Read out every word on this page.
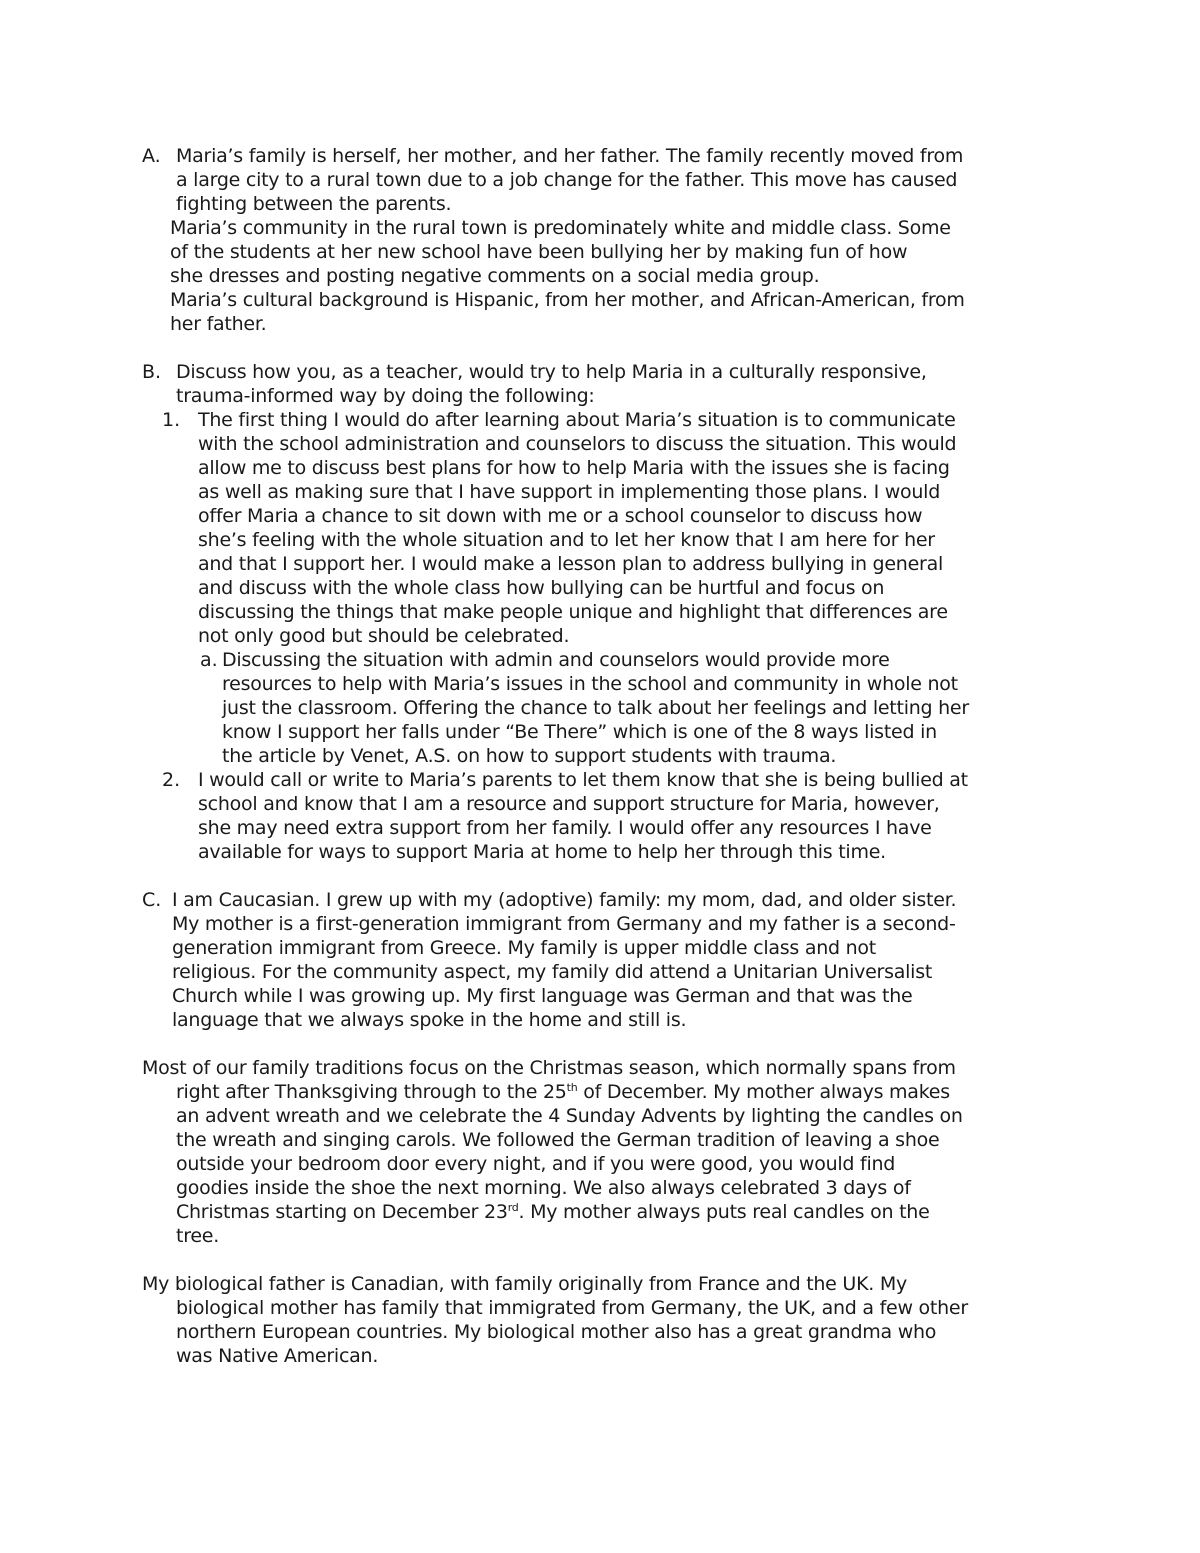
A. Maria’s family is herself, her mother, and her father. The family recently moved from
a large city to a rural town due to a job change for the father. This move has caused
fighting between the parents.

Maria’s community in the rural town is predominately white and middle class. Some
of the students at her new school have been bullying her by making fun of how
she dresses and posting negative comments on a social media group.

Maria’s cultural background is Hispanic, from her mother, and African-American, from
her father.

B. Discuss how you, as a teacher, would try to help Maria in a culturally responsive,
trauma-informed way by doing the following:

1. The first thing I would do after learning about Maria’s situation is to communicate
with the school administration and counselors to discuss the situation. This would
allow me to discuss best plans for how to help Maria with the issues she is facing
as well as making sure that I have support in implementing those plans. I would
offer Maria a chance to sit down with me or a school counselor to discuss how
she’s feeling with the whole situation and to let her know that I am here for her
and that I support her. I would make a lesson plan to address bullying in general
and discuss with the whole class how bullying can be hurtful and focus on
discussing the things that make people unique and highlight that differences are
not only good but should be celebrated.

a. Discussing the situation with admin and counselors would provide more
resources to help with Maria’s issues in the school and community in whole not
just the classroom. Offering the chance to talk about her feelings and letting her
know I support her falls under “Be There” which is one of the 8 ways listed in
the article by Venet, A.S. on how to support students with trauma.

2. I would call or write to Maria’s parents to let them know that she is being bullied at
school and know that I am a resource and support structure for Maria, however,
she may need extra support from her family. I would offer any resources I have
available for ways to support Maria at home to help her through this time.

C. I am Caucasian. I grew up with my (adoptive) family: my mom, dad, and older sister.
My mother is a first-generation immigrant from Germany and my father is a second-
generation immigrant from Greece. My family is upper middle class and not
religious. For the community aspect, my family did attend a Unitarian Universalist
Church while I was growing up. My first language was German and that was the
language that we always spoke in the home and still is.

Most of our family traditions focus on the Christmas season, which normally spans from
right after Thanksgiving through to the 25th of December. My mother always makes

an advent wreath and we celebrate the 4 Sunday Advents by lighting the candles on
the wreath and singing carols. We followed the German tradition of leaving a shoe
outside your bedroom door every night, and if you were good, you would find
goodies inside the shoe the next morning. We also always celebrated 3 days of
Christmas starting on December 23rd. My mother always puts real candles on the
tree.
My biological father is Canadian, with family originally from France and the UK. My

biological mother has family that immigrated from Germany, the UK, and a few other
northern European countries. My biological mother also has a great grandma who
was Native American.
